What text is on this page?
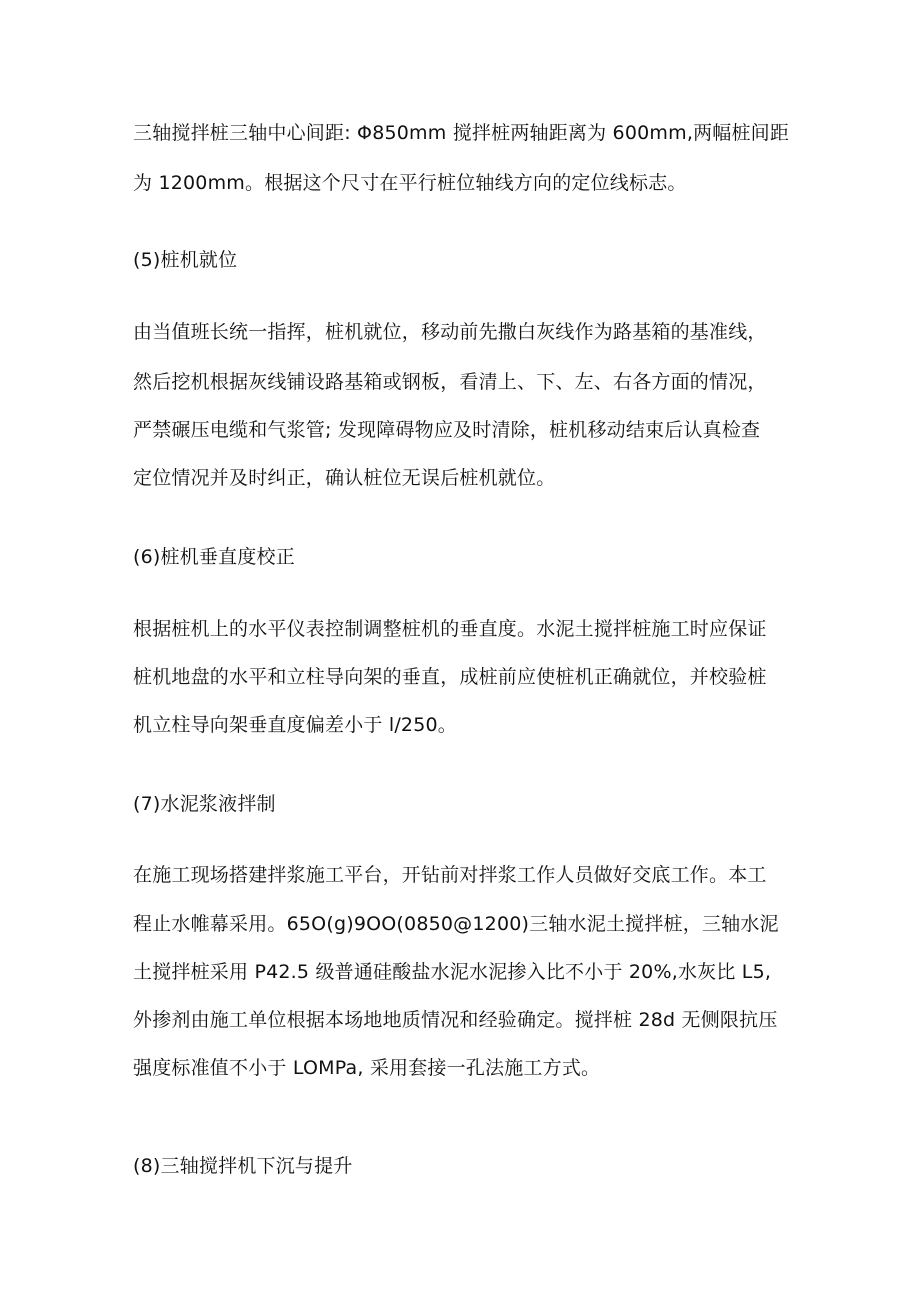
三轴搅拌桩三轴中心间距: Φ850mm 搅拌桩两轴距离为 600mm,两幅桩间距
为 1200mm。根据这个尺寸在平行桩位轴线方向的定位线标志。
(5)桩机就位
由当值班长统一指挥，桩机就位，移动前先撒白灰线作为路基箱的基准线，
然后挖机根据灰线铺设路基箱或钢板，看清上、下、左、右各方面的情况，
严禁碾压电缆和气浆管; 发现障碍物应及时清除，桩机移动结束后认真检查
定位情况并及时纠正，确认桩位无误后桩机就位。
(6)桩机垂直度校正
根据桩机上的水平仪表控制调整桩机的垂直度。水泥土搅拌桩施工时应保证
桩机地盘的水平和立柱导向架的垂直，成桩前应使桩机正确就位，并校验桩
机立柱导向架垂直度偏差小于 l/250。
(7)水泥浆液拌制
在施工现场搭建拌浆施工平台，开钻前对拌浆工作人员做好交底工作。本工
程止水帷幕采用。65O(g)9OO(0850@1200)三轴水泥土搅拌桩，三轴水泥
土搅拌桩采用 P42.5 级普通硅酸盐水泥水泥掺入比不小于 20%,水灰比 L5,
外掺剂由施工单位根据本场地地质情况和经验确定。搅拌桩 28d 无侧限抗压
强度标准值不小于 LOMPa, 采用套接一孔法施工方式。
(8)三轴搅拌机下沉与提升
